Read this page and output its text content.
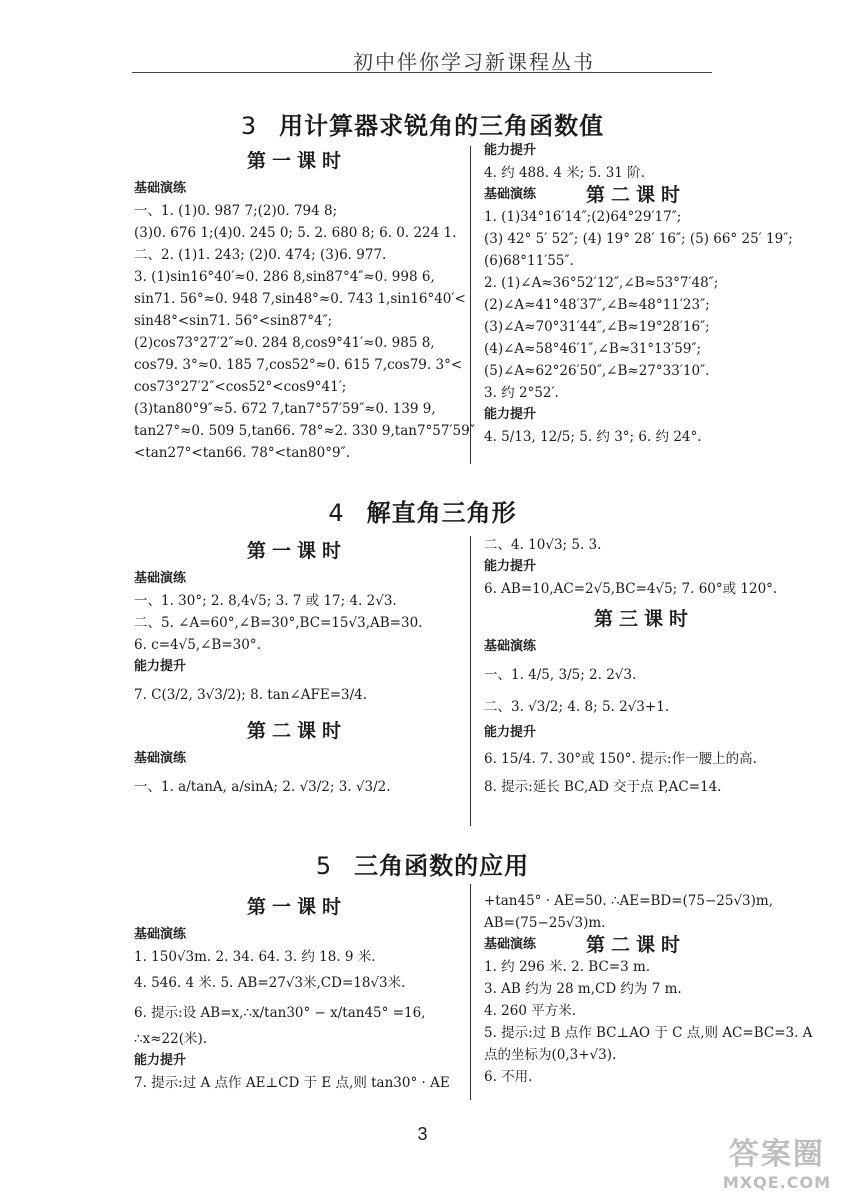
初中伴你学习新课程丛书
3 用计算器求锐角的三角函数值
第一课时
基础演练
一、1. (1)0. 987 7;(2)0. 794 8;
(3)0. 676 1;(4)0. 245 0; 5. 2. 680 8; 6. 0. 224 1.
二、2. (1)1. 243; (2)0. 474; (3)6. 977.
3. (1)sin16°40′≈0. 286 8,sin87°4″≈0. 998 6,
sin71. 56°≈0. 948 7,sin48°≈0. 743 1,sin16°40′<
sin48°<sin71. 56°<sin87°4″;
(2)cos73°27′2″≈0. 284 8,cos9°41′≈0. 985 8,
cos79. 3°≈0. 185 7,cos52°≈0. 615 7,cos79. 3°<
cos73°27′2″<cos52°<cos9°41′;
(3)tan80°9″≈5. 672 7,tan7°57′59″≈0. 139 9,
tan27°≈0. 509 5,tan66. 78°≈2. 330 9,tan7°57′59″
<tan27°<tan66. 78°<tan80°9″.
能力提升
4. 约 488. 4 米; 5. 31 阶.
基础演练	第二课时
1. (1)34°16′14″;(2)64°29′17″;
(3) 42° 5′ 52″; (4) 19° 28′ 16″; (5) 66° 25′ 19″;
(6)68°11′55″.
2. (1)∠A≈36°52′12″,∠B≈53°7′48″;
(2)∠A≈41°48′37″,∠B≈48°11′23″;
(3)∠A≈70°31′44″,∠B≈19°28′16″;
(4)∠A≈58°46′1″,∠B≈31°13′59″;
(5)∠A≈62°26′50″,∠B≈27°33′10″.
3. 约 2°52′.
能力提升
4. 5/13, 12/5; 5. 约 3°; 6. 约 24°.
4 解直角三角形
第一课时
基础演练
一、1. 30°; 2. 8,4√5; 3. 7 或 17; 4. 2√3.
二、5. ∠A=60°,∠B=30°,BC=15√3,AB=30.
6. c=4√5,∠B=30°.
能力提升
7. C(3/2, 3√3/2); 8. tan∠AFE=3/4.
第二课时
基础演练
一、1. a/tanA, a/sinA; 2. √3/2; 3. √3/2.
二、4. 10√3; 5. 3.
能力提升
6. AB=10,AC=2√5,BC=4√5; 7. 60°或 120°.
第三课时
基础演练
一、1. 4/5, 3/5; 2. 2√3.
二、3. √3/2; 4. 8; 5. 2√3+1.
能力提升
6. 15/4. 7. 30°或 150°. 提示:作一腰上的高.
8. 提示:延长 BC,AD 交于点 P,AC=14.
5 三角函数的应用
第一课时
基础演练
1. 150√3m. 2. 34. 64. 3. 约 18. 9 米.
4. 546. 4 米. 5. AB=27√3米,CD=18√3米.
6. 提示:设 AB=x,∴x/tan30° − x/tan45° =16,
∴x≈22(米).
能力提升
7. 提示:过 A 点作 AE⊥CD 于 E 点,则 tan30° · AE
+tan45° · AE=50. ∴AE=BD=(75−25√3)m,
AB=(75−25√3)m.
基础演练	第二课时
1. 约 296 米. 2. BC=3 m.
3. AB 约为 28 m,CD 约为 7 m.
4. 260 平方米.
5. 提示:过 B 点作 BC⊥AO 于 C 点,则 AC=BC=3. A
点的坐标为(0,3+√3).
6. 不用.
3
答案圈
MXQE.COM
